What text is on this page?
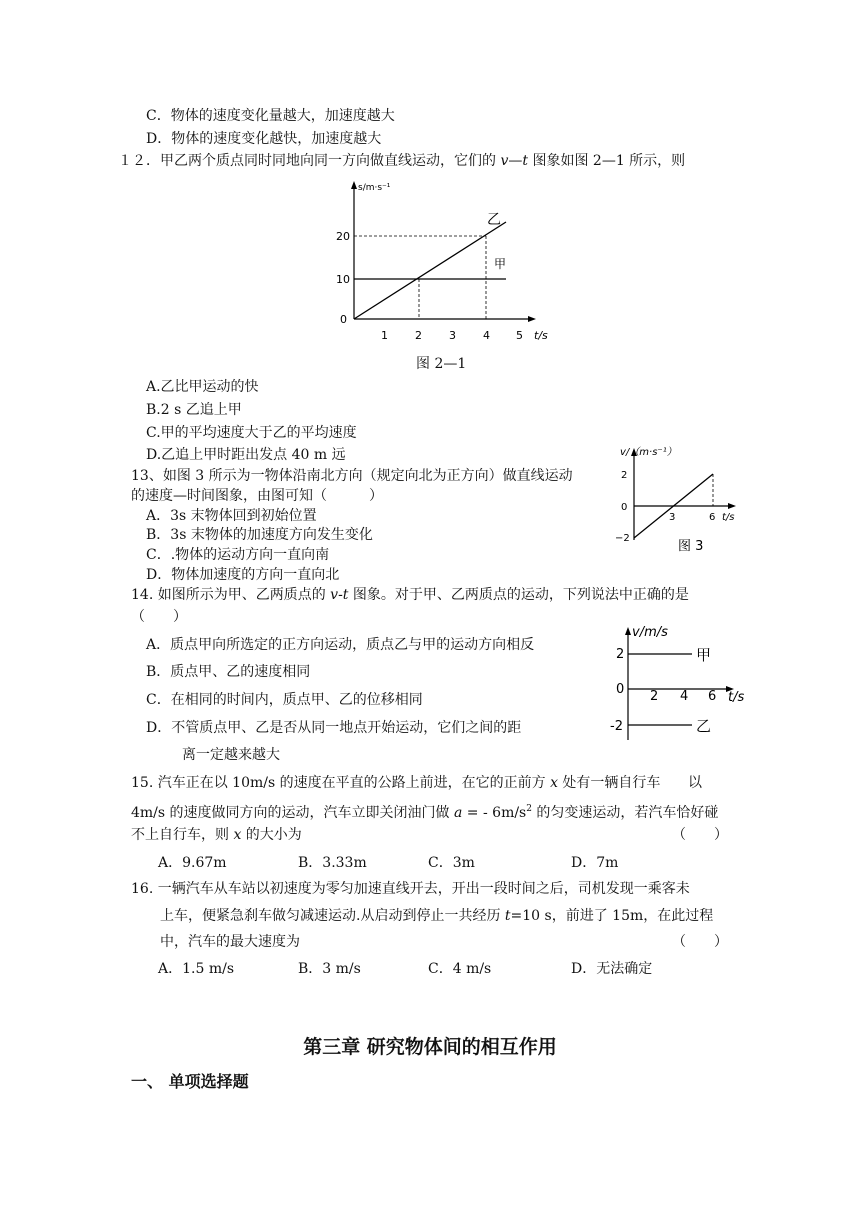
C．物体的速度变化量越大，加速度越大
D．物体的速度变化越快，加速度越大
１２．甲乙两个质点同时同地向同一方向做直线运动，它们的 v—t 图象如图 2—1 所示，则
s/m·s⁻¹
20
10
0
1 2 3 4 5 t/s
乙
甲
图 2—1
A.乙比甲运动的快
B.2 s 乙追上甲
C.甲的平均速度大于乙的平均速度
D.乙追上甲时距出发点 40 m 远
13、如图 3 所示为一物体沿南北方向（规定向北为正方向）做直线运动
的速度—时间图象，由图可知（　　　）
A．3s 末物体回到初始位置
B．3s 末物体的加速度方向发生变化
C．.物体的运动方向一直向南
D．物体加速度的方向一直向北
v/（m·s⁻¹）
2
0
−2
3	6 t/s
图 3
14. 如图所示为甲、乙两质点的 v-t 图象。对于甲、乙两质点的运动，下列说法中正确的是
（　　）
A．质点甲向所选定的正方向运动，质点乙与甲的运动方向相反
B．质点甲、乙的速度相同
C．在相同的时间内，质点甲、乙的位移相同
D．不管质点甲、乙是否从同一地点开始运动，它们之间的距
离一定越来越大
v/m/s
2
0
-2
2 4 6 t/s
甲
乙
15. 汽车正在以 10m/s 的速度在平直的公路上前进，在它的正前方 x 处有一辆自行车 以
4m/s 的速度做同方向的运动，汽车立即关闭油门做 a = - $6m/s^2$ 的匀变速运动，若汽车恰好碰
不上自行车，则 x 的大小为	（　　）
A．9.67m	B．3.33m	C．3m	D．7m
16. 一辆汽车从车站以初速度为零匀加速直线开去，开出一段时间之后，司机发现一乘客未
上车，便紧急刹车做匀减速运动.从启动到停止一共经历 t=10 s，前进了 15m，在此过程
中，汽车的最大速度为	（　　）
A．1.5 m/s	B．3 m/s	C．4 m/s	D．无法确定
第三章 研究物体间的相互作用
一、 单项选择题
